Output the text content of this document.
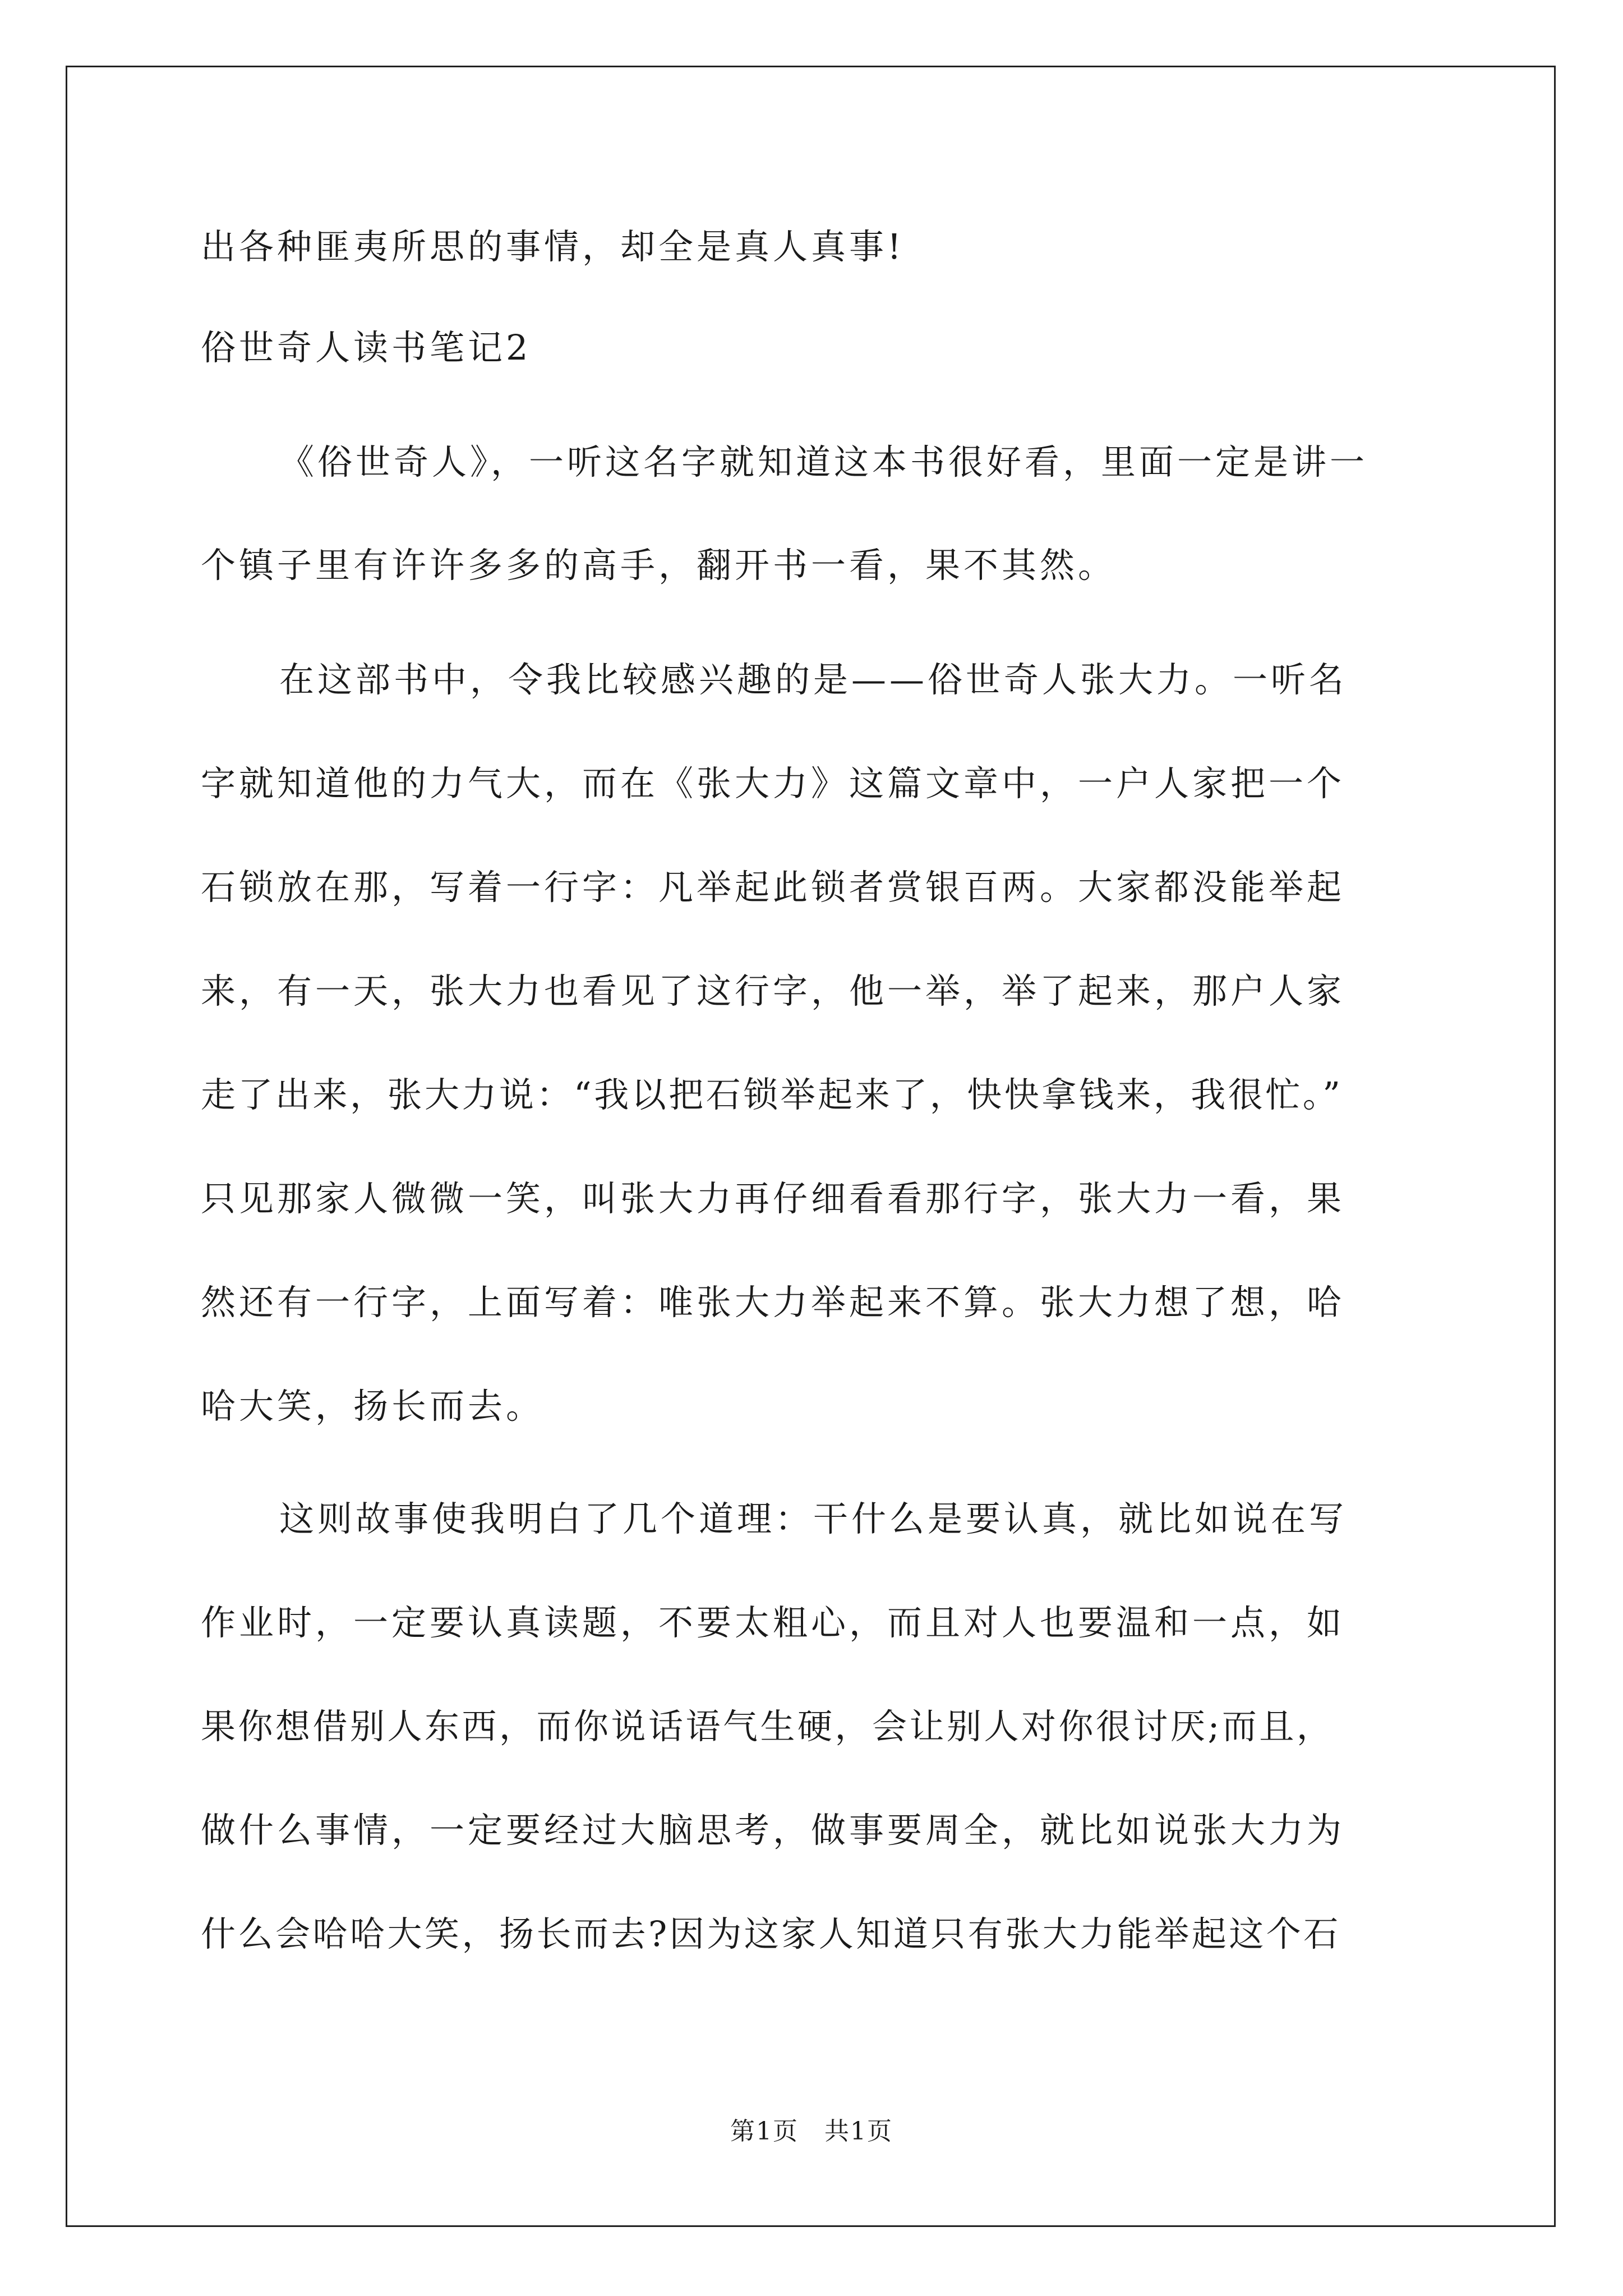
出各种匪夷所思的事情，却全是真人真事!
俗世奇人读书笔记2
《俗世奇人》，一听这名字就知道这本书很好看，里面一定是讲一
个镇子里有许许多多的高手，翻开书一看，果不其然。
在这部书中，令我比较感兴趣的是——俗世奇人张大力。一听名
字就知道他的力气大，而在《张大力》这篇文章中，一户人家把一个
石锁放在那，写着一行字：凡举起此锁者赏银百两。大家都没能举起
来，有一天，张大力也看见了这行字，他一举，举了起来，那户人家
走了出来，张大力说：“我以把石锁举起来了，快快拿钱来，我很忙。”
只见那家人微微一笑，叫张大力再仔细看看那行字，张大力一看，果
然还有一行字，上面写着：唯张大力举起来不算。张大力想了想，哈
哈大笑，扬长而去。
这则故事使我明白了几个道理：干什么是要认真，就比如说在写
作业时，一定要认真读题，不要太粗心，而且对人也要温和一点，如
果你想借别人东西，而你说话语气生硬，会让别人对你很讨厌;而且，
做什么事情，一定要经过大脑思考，做事要周全，就比如说张大力为
什么会哈哈大笑，扬长而去?因为这家人知道只有张大力能举起这个石
第1页 共1页
